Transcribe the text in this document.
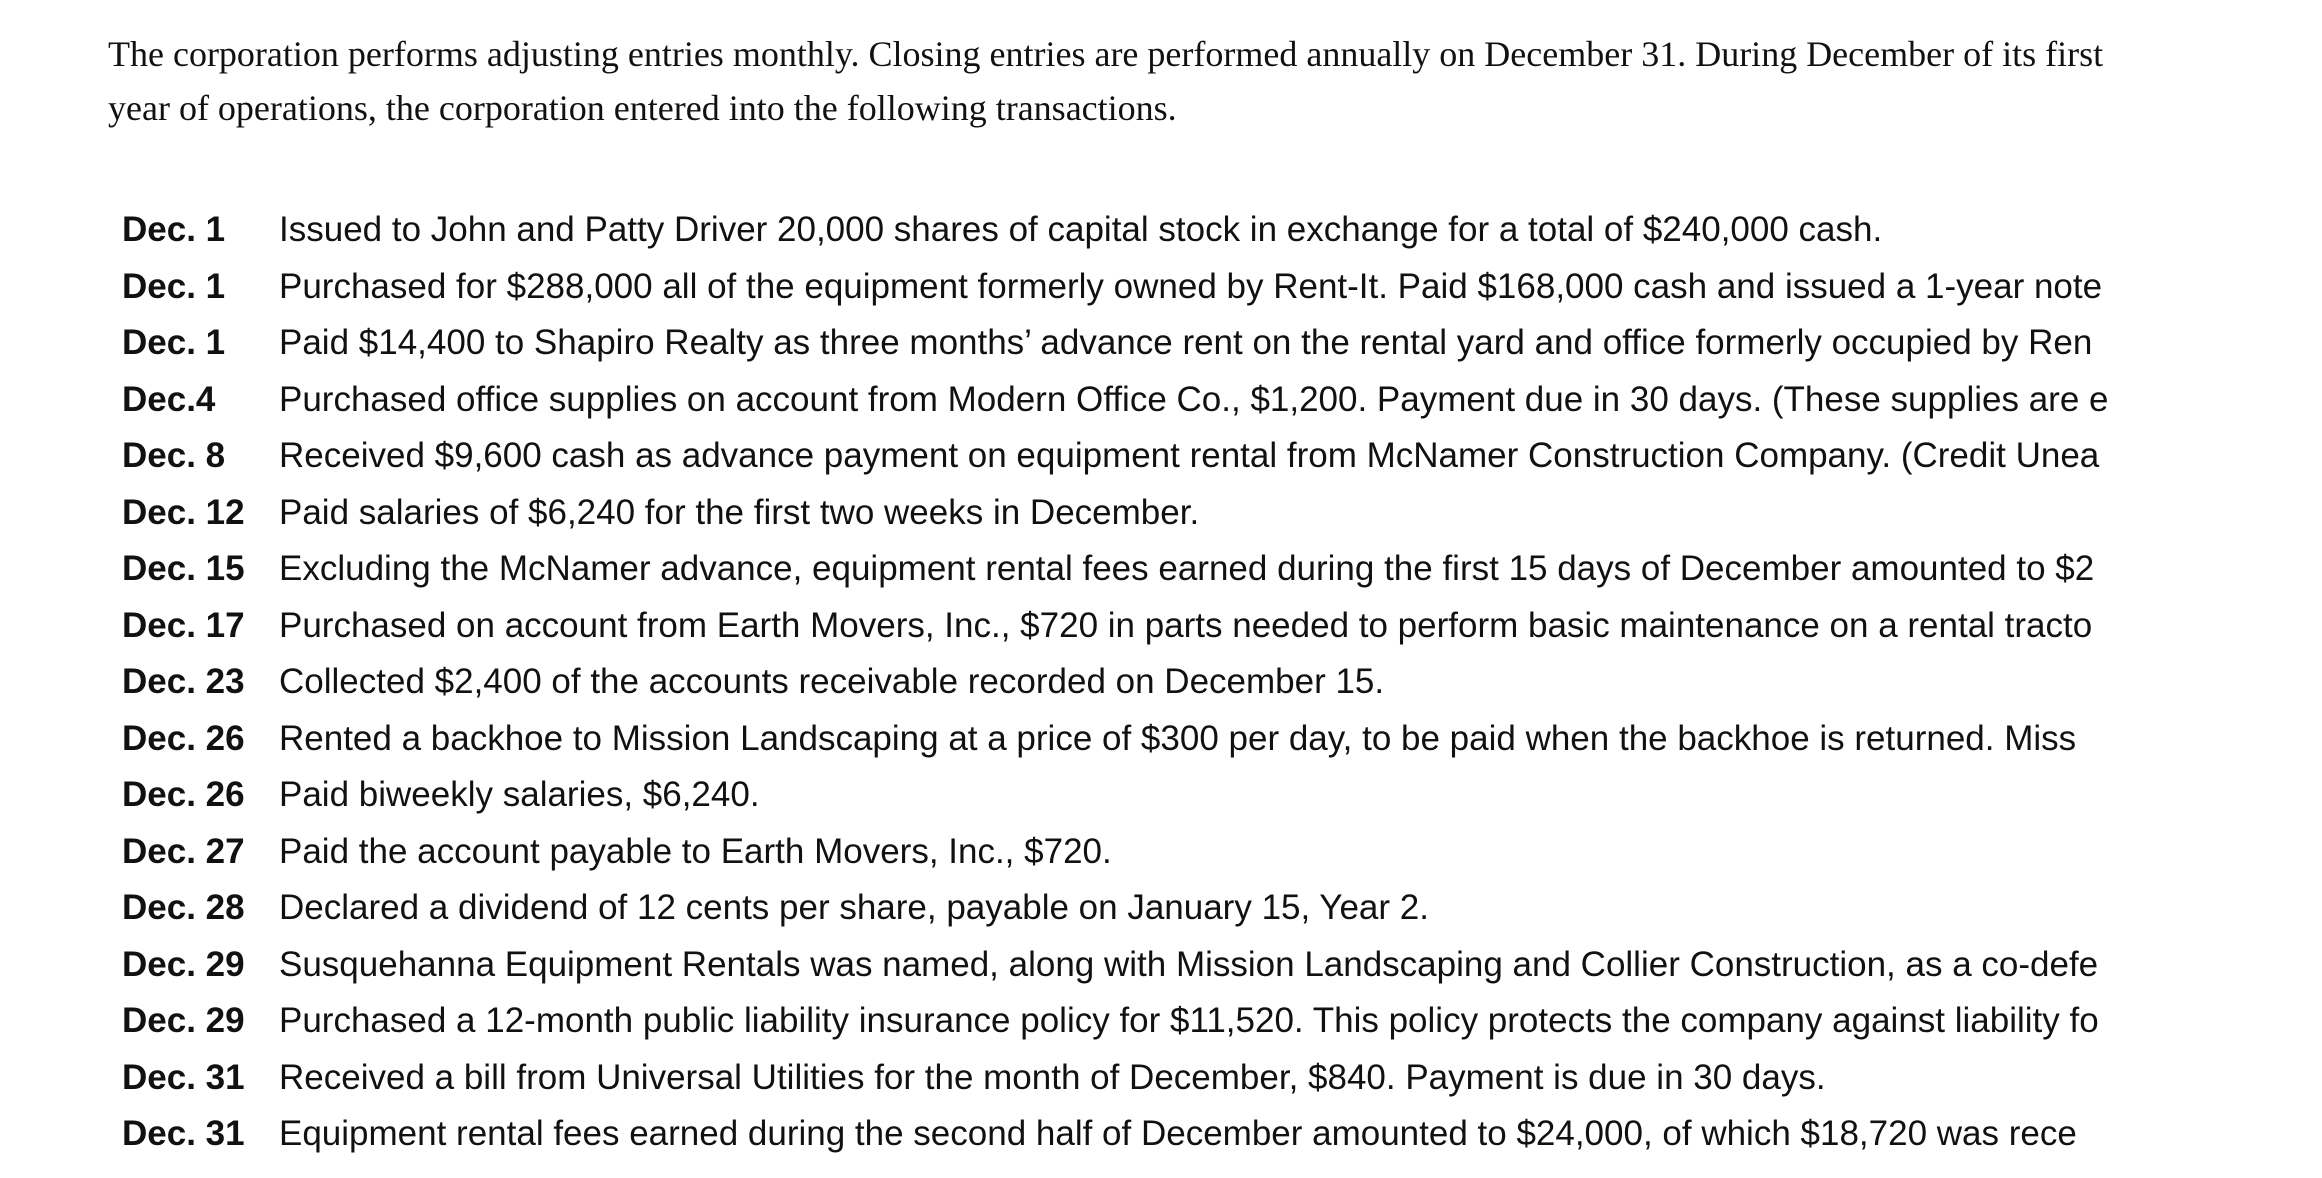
The corporation performs adjusting entries monthly. Closing entries are performed annually on December 31. During December of its first

year of operations, the corporation entered into the following transactions.

Dec. 1	Issued to John and Patty Driver 20,000 shares of capital stock in exchange for a total of $240,000 cash.
Dec. 1	Purchased for $288,000 all of the equipment formerly owned by Rent-It. Paid $168,000 cash and issued a 1-year note
Dec. 1	Paid $14,400 to Shapiro Realty as three months’ advance rent on the rental yard and office formerly occupied by Ren
Dec.4	Purchased office supplies on account from Modern Office Co., $1,200. Payment due in 30 days. (These supplies are e
Dec. 8	Received $9,600 cash as advance payment on equipment rental from McNamer Construction Company. (Credit Unea
Dec. 12 Paid salaries of $6,240 for the first two weeks in December.
Dec. 15 Excluding the McNamer advance, equipment rental fees earned during the first 15 days of December amounted to $2
Dec. 17 Purchased on account from Earth Movers, Inc., $720 in parts needed to perform basic maintenance on a rental tracto
Dec. 23 Collected $2,400 of the accounts receivable recorded on December 15.
Dec. 26 Rented a backhoe to Mission Landscaping at a price of $300 per day, to be paid when the backhoe is returned. Miss
Dec. 26 Paid biweekly salaries, $6,240.
Dec. 27 Paid the account payable to Earth Movers, Inc., $720.
Dec. 28 Declared a dividend of 12 cents per share, payable on January 15, Year 2.
Dec. 29 Susquehanna Equipment Rentals was named, along with Mission Landscaping and Collier Construction, as a co-defe
Dec. 29 Purchased a 12-month public liability insurance policy for $11,520. This policy protects the company against liability fo
Dec. 31 Received a bill from Universal Utilities for the month of December, $840. Payment is due in 30 days.
Dec. 31 Equipment rental fees earned during the second half of December amounted to $24,000, of which $18,720 was rece
